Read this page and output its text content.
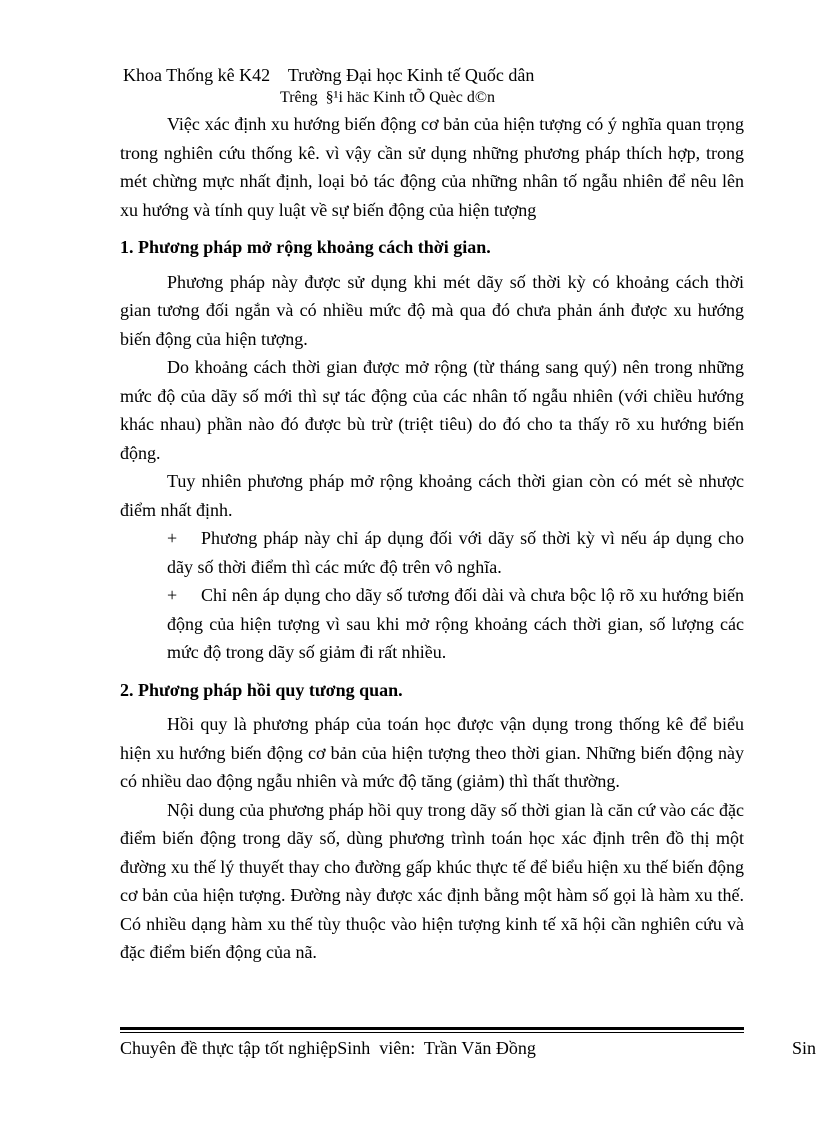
Khoa Thống kê K42    Trường Đại học Kinh tế Quốc dân
Trêng  §¹i häc Kinh tÕ Quèc d©n

Việc xác định xu hướng biến động cơ bản của hiện tượng có ý nghĩa quan trọng trong nghiên cứu thống kê. vì vậy cần sử dụng những phương pháp thích hợp, trong mét chừng mực nhất định, loại bỏ tác động của những nhân tố ngẫu nhiên để nêu lên xu hướng và tính quy luật về sự biến động của hiện tượng

1. Phương pháp mở rộng khoảng cách thời gian.

Phương pháp này được sử dụng khi mét dãy số thời kỳ có khoảng cách thời gian tương đối ngắn và có nhiều mức độ mà qua đó chưa phản ánh được xu hướng biến động của hiện tượng.

Do khoảng cách thời gian được mở rộng (từ tháng sang quý) nên trong những mức độ của dãy số mới thì sự tác động của các nhân tố ngẫu nhiên (với chiều hướng khác nhau) phần nào đó được bù trừ (triệt tiêu) do đó cho ta thấy rõ xu hướng biến động.

Tuy nhiên phương pháp mở rộng khoảng cách thời gian còn có mét sè nhược điểm nhất định.

+	Phương pháp này chỉ áp dụng đối với dãy số thời kỳ vì nếu áp dụng cho dãy số thời điểm thì các mức độ trên vô nghĩa.
+	Chỉ nên áp dụng cho dãy số tương đối dài và chưa bộc lộ rõ xu hướng biến động của hiện tượng vì sau khi mở rộng khoảng cách thời gian, số lượng các mức độ trong dãy số giảm đi rất nhiều.

2. Phương pháp hồi quy tương quan.

Hồi quy là phương pháp của toán học được vận dụng trong thống kê để biểu hiện xu hướng biến động cơ bản của hiện tượng theo thời gian. Những biến động này có nhiều dao động ngẫu nhiên và mức độ tăng (giảm) thì thất thường.

Nội dung của phương pháp hồi quy trong dãy số thời gian là căn cứ vào các đặc điểm biến động trong dãy số, dùng phương trình toán học xác định trên đồ thị một đường xu thế lý thuyết thay cho đường gấp khúc thực tế để biểu hiện xu thế biến động cơ bản của hiện tượng. Đường này được xác định bằng một hàm số gọi là hàm xu thế. Có nhiều dạng hàm xu thế tùy thuộc vào hiện tượng kinh tế xã hội cần nghiên cứu và đặc điểm biến động của nã.

Chuyên đề thực tập tốt nghiệpSinh  viên:  Trần Văn Đồng	Sin
